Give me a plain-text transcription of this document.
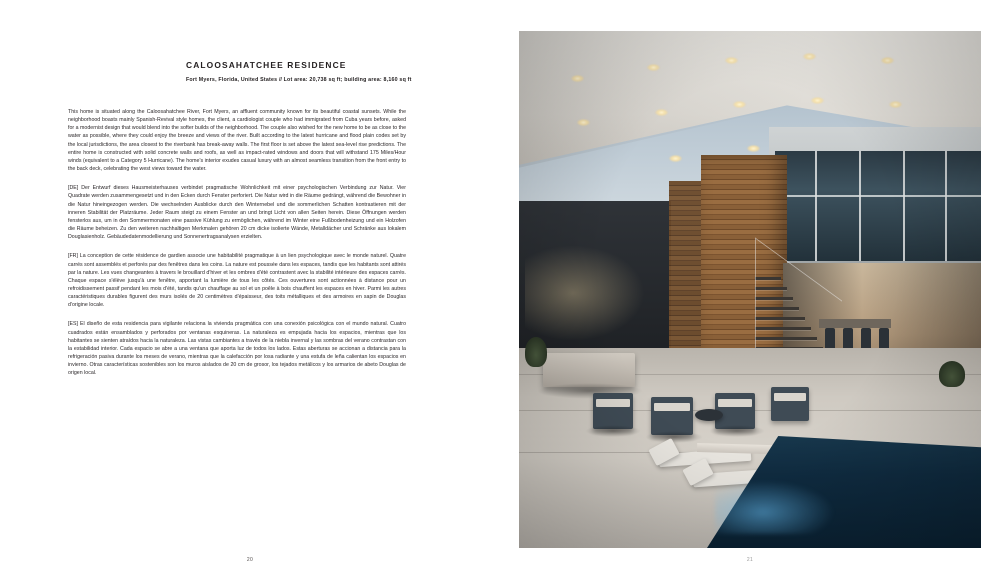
CALOOSAHATCHEE RESIDENCE
Fort Myers, Florida, United States // Lot area: 20,738 sq ft; building area: 8,160 sq ft

This home is situated along the Caloosahatchee River, Fort Myers, an affluent community known for its beautiful coastal sunsets. While the neighborhood boasts mainly Spanish-Revival style homes, the client, a cardiologist couple who had immigrated from Cuba years before, asked for a modernist design that would blend into the softer builds of the neighborhood. The couple also wished for the new home to be as close to the water as possible, where they could enjoy the breeze and views of the river. Built according to the latest hurricane and flood plain codes set by the local jurisdictions, the area closest to the riverbank has break-away walls. The first floor is set above the latest sea-level rise predictions. The entire home is constructed with solid concrete walls and roofs, as well as impact-rated windows and doors that will withstand 175 Miles/Hour winds (equivalent to a Category 5 Hurricane). The home's interior exudes casual luxury with an almost seamless transition from the front entry to the back deck, celebrating the west views toward the water.

[DE] Der Entwurf dieses Hausmeisterhauses verbindet pragmatische Wohnlichkeit mit einer psychologischen Verbindung zur Natur. Vier Quadrate werden zusammengesetzt und in den Ecken durch Fenster perforiert. Die Natur wird in die Räume gedrängt, während die Bewohner in die Natur hineingezogen werden. Die wechselnden Ausblicke durch den Winternebel und die sommerlichen Schatten kontrastieren mit der inneren Stabilität der Platzräume. Jeder Raum steigt zu einem Fenster an und bringt Licht von allen Seiten herein. Diese Öffnungen werden fensterlos aus, um in den Sommermonaten eine passive Kühlung zu ermöglichen, während im Winter eine Fußbodenheizung und ein Holzofen die Räume beheizen. Zu den weiteren nachhaltigen Merkmalen gehören 20 cm dicke isolierte Wände, Metalldächer und Schränke aus lokalem Douglasienholz. Gebäudedatenmodellierung und Sonnenertragsanalysen erzielten.

[FR] La conception de cette résidence de gardien associe une habitabilité pragmatique à un lien psychologique avec le monde naturel. Quatre carrés sont assemblés et perforés par des fenêtres dans les coins. La nature est poussée dans les espaces, tandis que les habitants sont attirés par la nature. Les vues changeantes à travers le brouillard d'hiver et les ombres d'été contrastent avec la stabilité intérieure des espaces carrés. Chaque espace s'élève jusqu'à une fenêtre, apportant la lumière de tous les côtés. Ces ouvertures sont actionnées à distance pour un refroidissement passif pendant les mois d'été, tandis qu'un chauffage au sol et un poêle à bois chauffent les espaces en hiver. Parmi les autres caractéristiques durables figurent des murs isolés de 20 centimètres d'épaisseur, des toits métalliques et des armoires en sapin de Douglas d'origine locale.

[ES] El diseño de esta residencia para vigilante relaciona la vivienda pragmática con una conexión psicológica con el mundo natural. Cuatro cuadrados están ensamblados y perforados por ventanas esquineras. La naturaleza es empujada hacia los espacios, mientras que los habitantes se sienten atraídos hacia la naturaleza. Las vistas cambiantes a través de la niebla invernal y las sombras del verano contrastan con la estabilidad interior. Cada espacio se abre a una ventana que aporta luz de todos los lados. Estas aberturas se accionan a distancia para la refrigeración pasiva durante los meses de verano, mientras que la calefacción por losa radiante y una estufa de leña calientan los espacios en invierno. Otras características sostenibles son los muros aislados de 20 cm de grosor, los tejados metálicos y los armarios de abeto Douglas de origen local.

20	21
